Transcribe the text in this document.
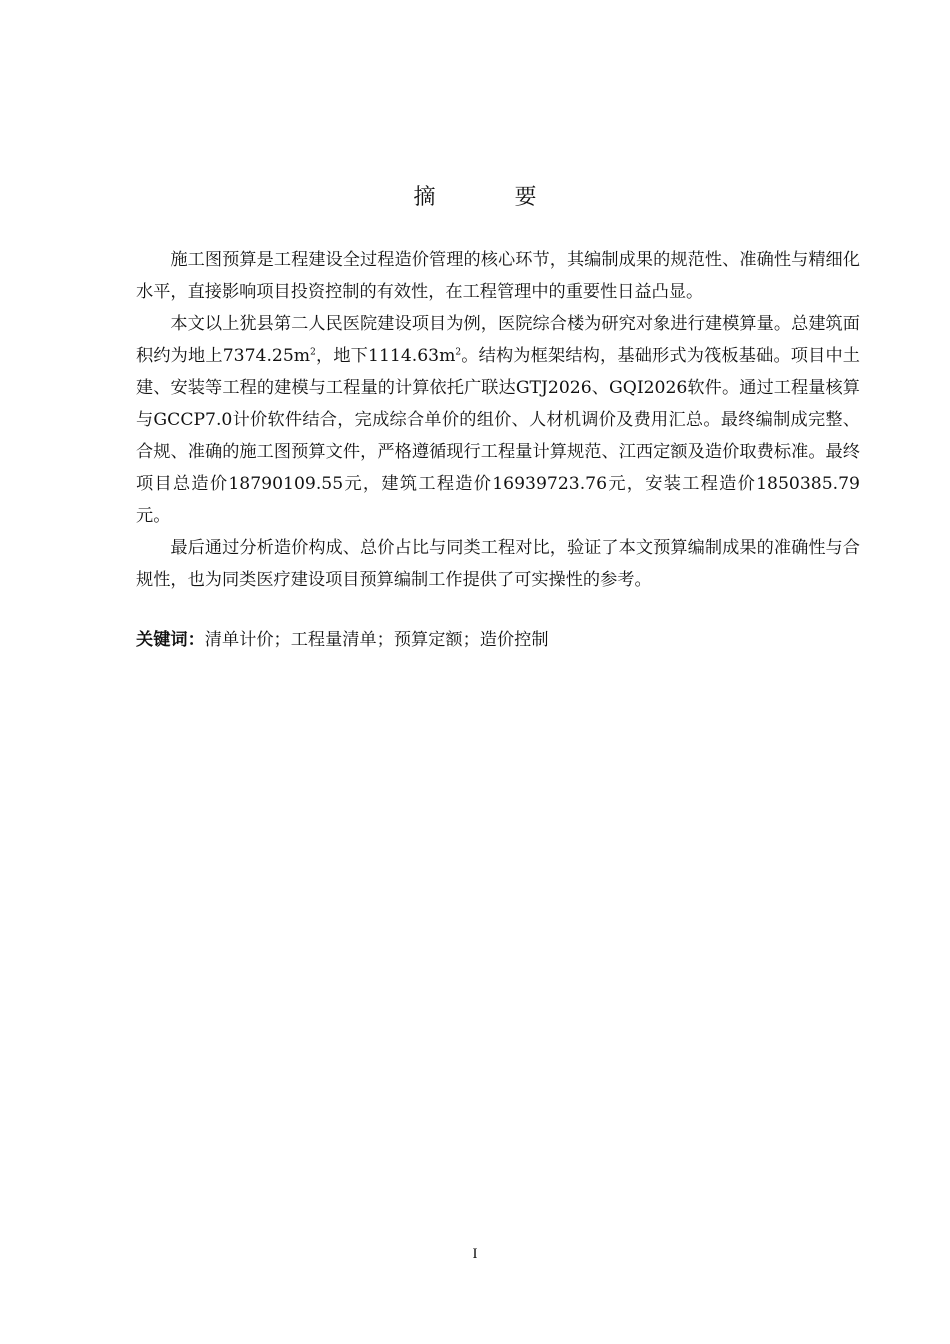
摘 要

施工图预算是工程建设全过程造价管理的核心环节，其编制成果的规范性、准确性与精细化水平，直接影响项目投资控制的有效性，在工程管理中的重要性日益凸显。

本文以上犹县第二人民医院建设项目为例，医院综合楼为研究对象进行建模算量。总建筑面积约为地上$7374.25m^2$，地下$1114.63m^2$。结构为框架结构，基础形式为筏板基础。项目中土建、安装等工程的建模与工程量的计算依托广联达GTJ2026、GQI2026软件。通过工程量核算与GCCP7.0计价软件结合，完成综合单价的组价、人材机调价及费用汇总。最终编制成完整、合规、准确的施工图预算文件，严格遵循现行工程量计算规范、江西定额及造价取费标准。最终项目总造价18790109.55元，建筑工程造价16939723.76元，安装工程造价1850385.79元。

最后通过分析造价构成、总价占比与同类工程对比，验证了本文预算编制成果的准确性与合规性，也为同类医疗建设项目预算编制工作提供了可实操性的参考。

关键词：清单计价；工程量清单；预算定额；造价控制
I
